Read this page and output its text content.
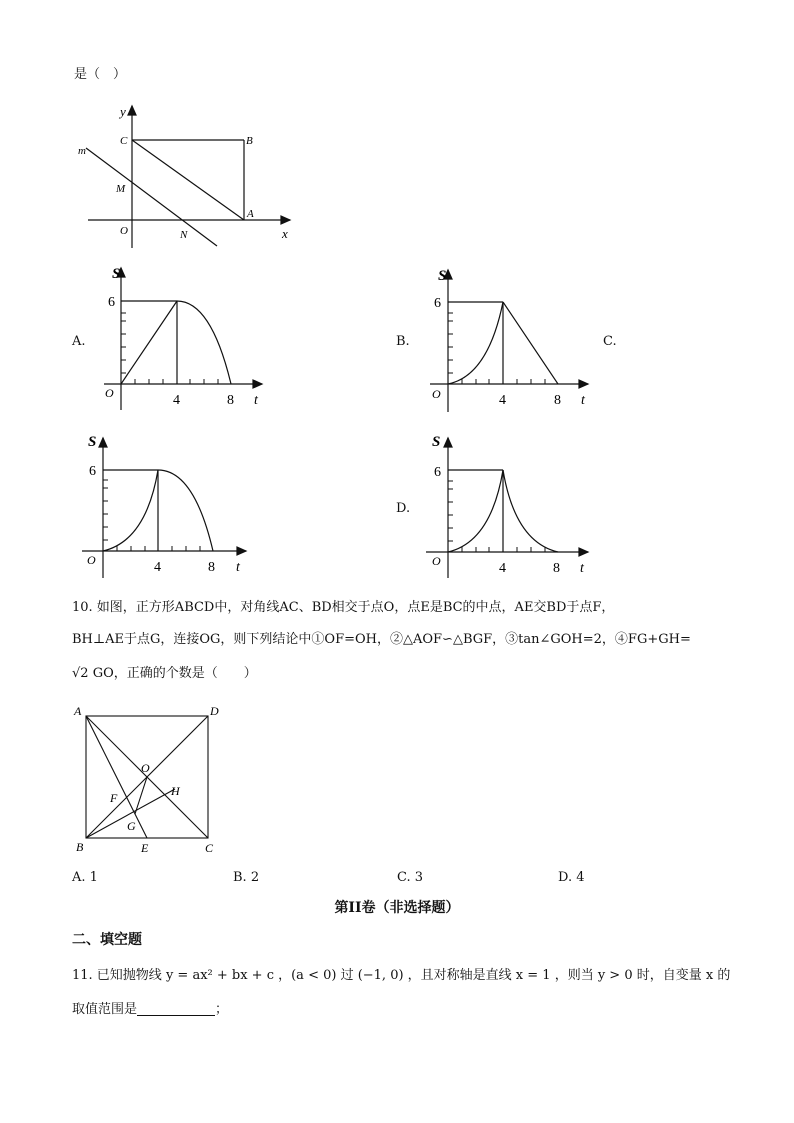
是（　）
y
x
C	B
m
M
A
O	N
A.
S
6
O	4	8 t
B.
S
6
O	4	8 t
C.
S
6
O	4	8 t
D.
S
6
O	4	8 t
10. 如图，正方形ABCD中，对角线AC、BD相交于点O，点E是BC的中点，AE交BD于点F，
BH⊥AE于点G，连接OG，则下列结论中①OF=OH，②△AOF∽△BGF，③tan∠GOH=2，④FG+GH=
√2 GO，正确的个数是（　　）
A	D
O
F	H
G
B	E	C
A. 1	B. 2	C. 3	D. 4
第II卷（非选择题）
二、填空题
11. 已知抛物线 y = ax² + bx + c ，(a < 0) 过 (−1, 0) ，且对称轴是直线 x = 1 ，则当 y > 0 时，自变量 x 的
取值范围是	；
